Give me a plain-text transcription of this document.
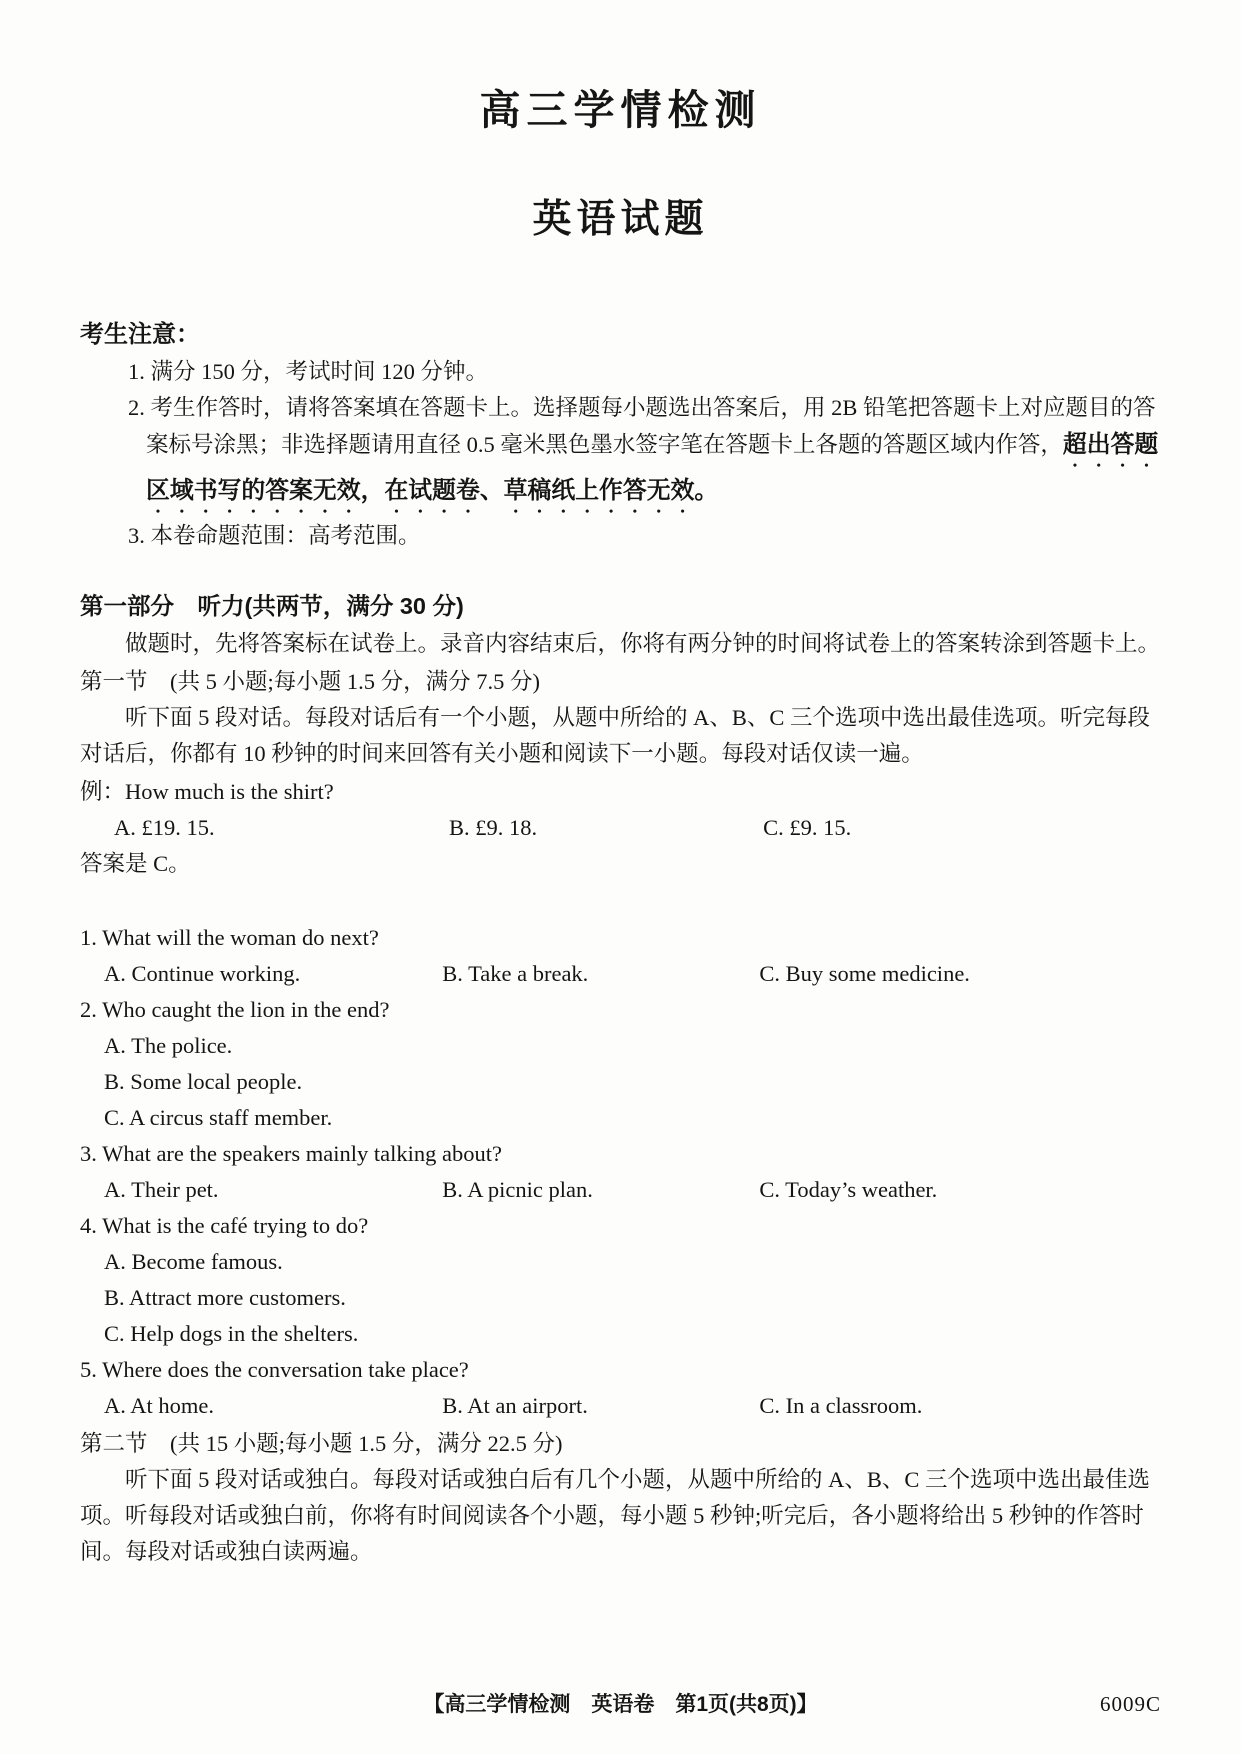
高三学情检测
英语试题
考生注意：
1. 满分 150 分，考试时间 120 分钟。
2. 考生作答时，请将答案填在答题卡上。选择题每小题选出答案后，用 2B 铅笔把答题卡上对应题目的答案标号涂黑；非选择题请用直径 0.5 毫米黑色墨水签字笔在答题卡上各题的答题区域内作答，超出答题区域书写的答案无效，在试题卷、草稿纸上作答无效。
3. 本卷命题范围：高考范围。
第一部分　听力(共两节，满分 30 分)
做题时，先将答案标在试卷上。录音内容结束后，你将有两分钟的时间将试卷上的答案转涂到答题卡上。
第一节　(共 5 小题;每小题 1.5 分，满分 7.5 分)
听下面 5 段对话。每段对话后有一个小题，从题中所给的 A、B、C 三个选项中选出最佳选项。听完每段对话后，你都有 10 秒钟的时间来回答有关小题和阅读下一小题。每段对话仅读一遍。
例：How much is the shirt?
A. £19. 15.	B. £9. 18.	C. £9. 15.
答案是 C。
1. What will the woman do next?
A. Continue working.	B. Take a break.	C. Buy some medicine.
2. Who caught the lion in the end?
A. The police.
B. Some local people.
C. A circus staff member.
3. What are the speakers mainly talking about?
A. Their pet.	B. A picnic plan.	C. Today’s weather.
4. What is the café trying to do?
A. Become famous.
B. Attract more customers.
C. Help dogs in the shelters.
5. Where does the conversation take place?
A. At home.	B. At an airport.	C. In a classroom.
第二节　(共 15 小题;每小题 1.5 分，满分 22.5 分)
听下面 5 段对话或独白。每段对话或独白后有几个小题，从题中所给的 A、B、C 三个选项中选出最佳选项。听每段对话或独白前，你将有时间阅读各个小题，每小题 5 秒钟;听完后，各小题将给出 5 秒钟的作答时间。每段对话或独白读两遍。
【高三学情检测　英语卷　第1页(共8页)】	6009C
